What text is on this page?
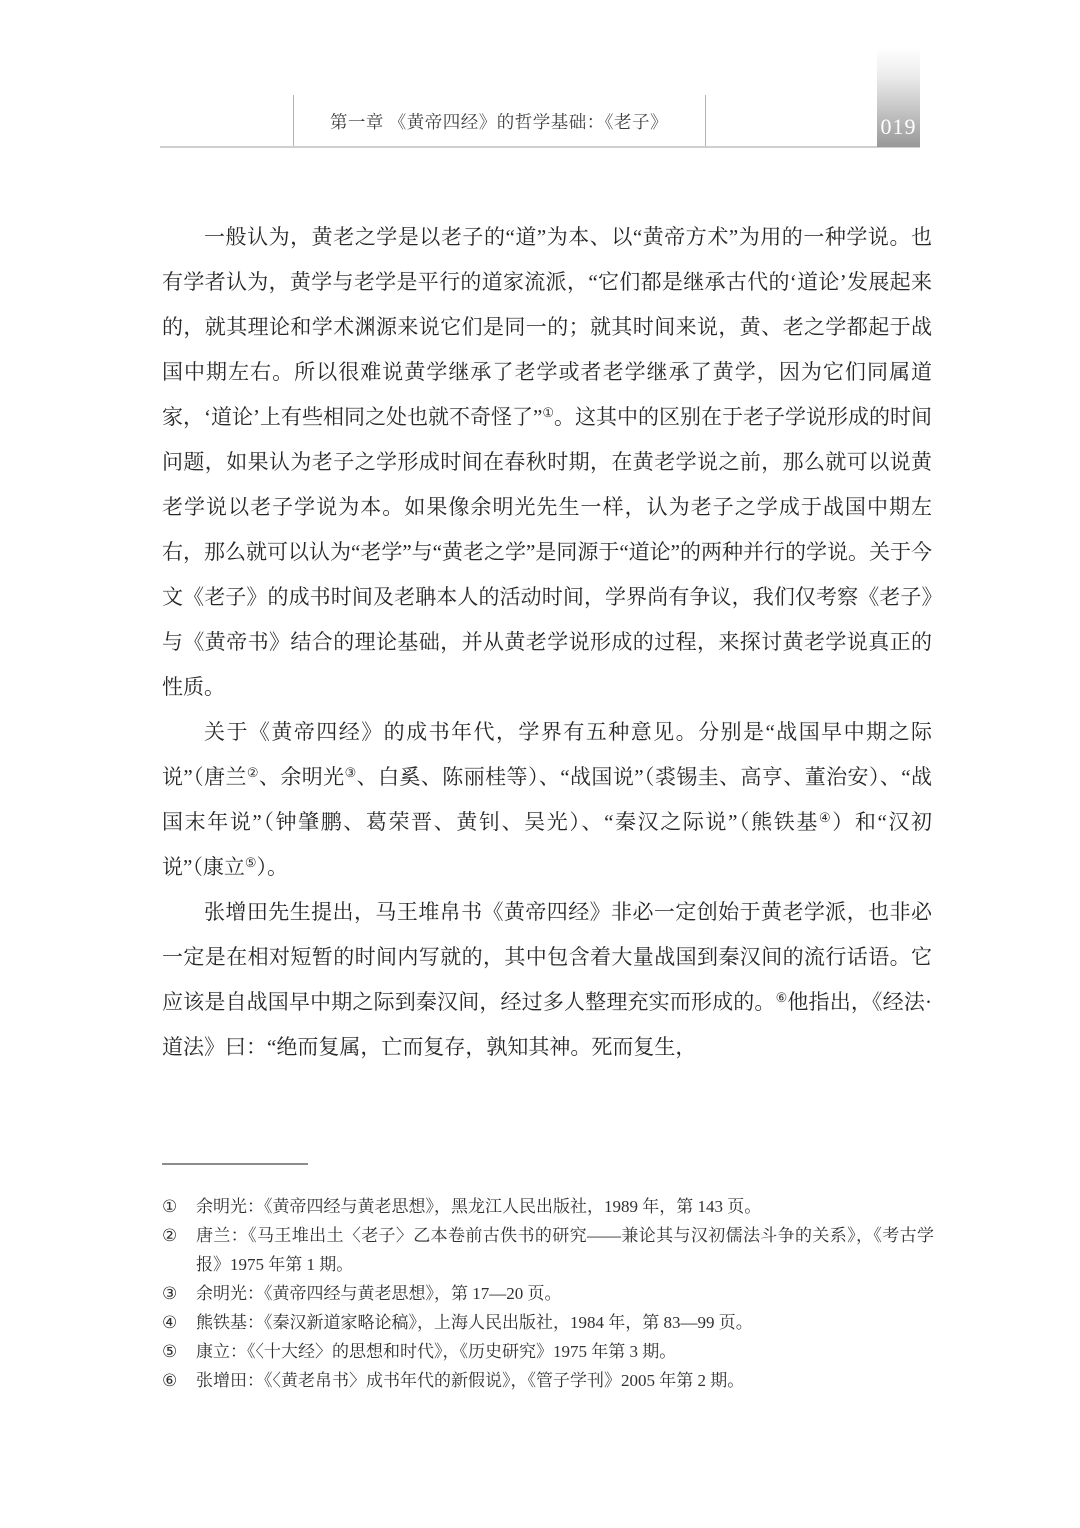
第一章 《黄帝四经》的哲学基础：《老子》	019

一般认为，黄老之学是以老子的“道”为本、以“黄帝方术”为用的一种学说。也有学者认为，黄学与老学是平行的道家流派，“它们都是继承古代的‘道论’发展起来的，就其理论和学术渊源来说它们是同一的；就其时间来说，黄、老之学都起于战国中期左右。所以很难说黄学继承了老学或者老学继承了黄学，因为它们同属道家，‘道论’上有些相同之处也就不奇怪了”①。这其中的区别在于老子学说形成的时间问题，如果认为老子之学形成时间在春秋时期，在黄老学说之前，那么就可以说黄老学说以老子学说为本。如果像余明光先生一样，认为老子之学成于战国中期左右，那么就可以认为“老学”与“黄老之学”是同源于“道论”的两种并行的学说。关于今文《老子》的成书时间及老聃本人的活动时间，学界尚有争议，我们仅考察《老子》与《黄帝书》结合的理论基础，并从黄老学说形成的过程，来探讨黄老学说真正的性质。

关于《黄帝四经》的成书年代，学界有五种意见。分别是“战国早中期之际说”（唐兰②、余明光③、白奚、陈丽桂等）、“战国说”（裘锡圭、高亨、董治安）、“战国末年说”（钟肇鹏、葛荣晋、黄钊、吴光）、“秦汉之际说”（熊铁基④）和“汉初说”（康立⑤）。

张增田先生提出，马王堆帛书《黄帝四经》非必一定创始于黄老学派，也非必一定是在相对短暂的时间内写就的，其中包含着大量战国到秦汉间的流行话语。它应该是自战国早中期之际到秦汉间，经过多人整理充实而形成的。⑥他指出，《经法·道法》曰：“绝而复属，亡而复存，孰知其神。死而复生，

①	余明光：《黄帝四经与黄老思想》，黑龙江人民出版社，1989 年，第 143 页。
②	唐兰：《马王堆出土〈老子〉乙本卷前古佚书的研究——兼论其与汉初儒法斗争的关系》，《考古学报》1975 年第 1 期。
③	余明光：《黄帝四经与黄老思想》，第 17—20 页。
④	熊铁基：《秦汉新道家略论稿》，上海人民出版社，1984 年，第 83—99 页。
⑤	康立：《〈十大经〉的思想和时代》，《历史研究》1975 年第 3 期。
⑥	张增田：《〈黄老帛书〉成书年代的新假说》，《管子学刊》2005 年第 2 期。
